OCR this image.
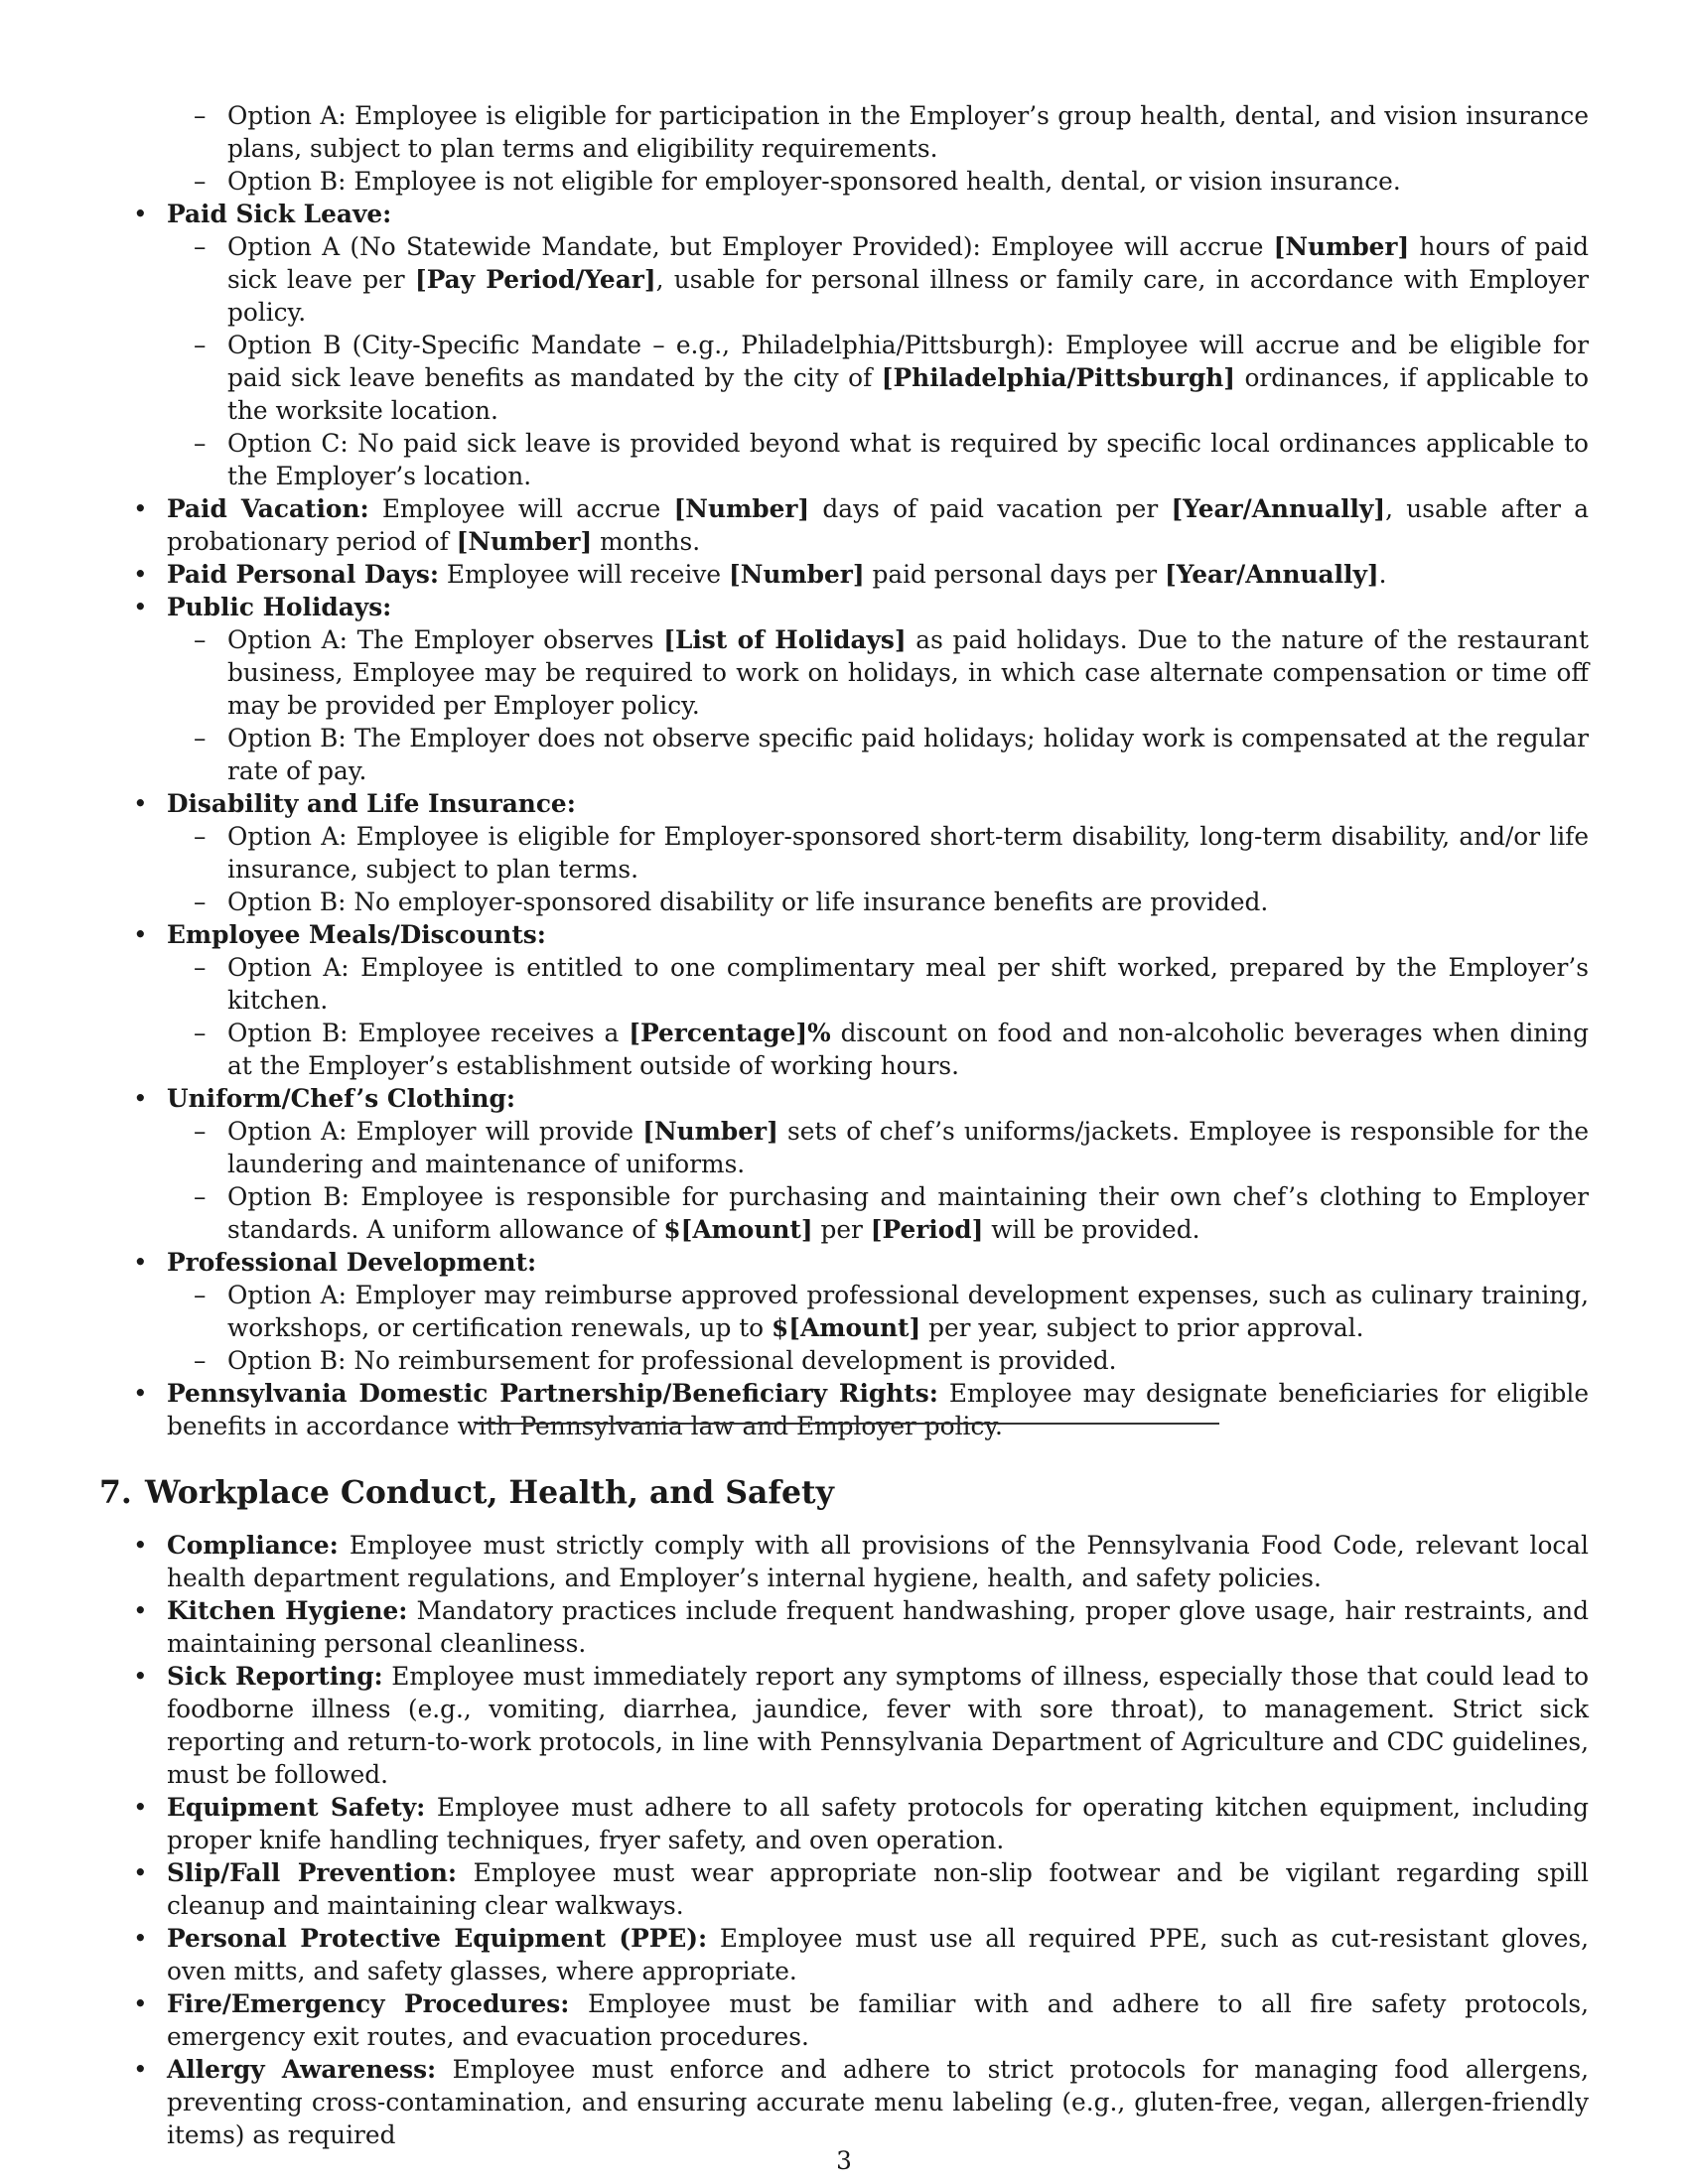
– Option A: Employee is eligible for participation in the Employer’s group health, dental, and vision insurance plans, subject to plan terms and eligibility requirements.
– Option B: Employee is not eligible for employer-sponsored health, dental, or vision insurance.
• Paid Sick Leave:
– Option A (No Statewide Mandate, but Employer Provided): Employee will accrue [Number] hours of paid sick leave per [Pay Period/Year], usable for personal illness or family care, in accordance with Employer policy.
– Option B (City-Specific Mandate – e.g., Philadelphia/Pittsburgh): Employee will accrue and be eligible for paid sick leave benefits as mandated by the city of [Philadelphia/Pittsburgh] ordinances, if applicable to the worksite location.
– Option C: No paid sick leave is provided beyond what is required by specific local ordinances applicable to the Employer’s location.
• Paid Vacation: Employee will accrue [Number] days of paid vacation per [Year/Annually], usable after a probationary period of [Number] months.
• Paid Personal Days: Employee will receive [Number] paid personal days per [Year/Annually].
• Public Holidays:
– Option A: The Employer observes [List of Holidays] as paid holidays. Due to the nature of the restaurant business, Employee may be required to work on holidays, in which case alternate compensation or time off may be provided per Employer policy.
– Option B: The Employer does not observe specific paid holidays; holiday work is compensated at the regular rate of pay.
• Disability and Life Insurance:
– Option A: Employee is eligible for Employer-sponsored short-term disability, long-term disability, and/or life insurance, subject to plan terms.
– Option B: No employer-sponsored disability or life insurance benefits are provided.
• Employee Meals/Discounts:
– Option A: Employee is entitled to one complimentary meal per shift worked, prepared by the Employer’s kitchen.
– Option B: Employee receives a [Percentage]% discount on food and non-alcoholic beverages when dining at the Employer’s establishment outside of working hours.
• Uniform/Chef’s Clothing:
– Option A: Employer will provide [Number] sets of chef’s uniforms/jackets. Employee is responsible for the laundering and maintenance of uniforms.
– Option B: Employee is responsible for purchasing and maintaining their own chef’s clothing to Employer standards. A uniform allowance of $[Amount] per [Period] will be provided.
• Professional Development:
– Option A: Employer may reimburse approved professional development expenses, such as culinary training, workshops, or certification renewals, up to $[Amount] per year, subject to prior approval.
– Option B: No reimbursement for professional development is provided.
• Pennsylvania Domestic Partnership/Beneficiary Rights: Employee may designate beneficiaries for eligible benefits in accordance with Pennsylvania law and Employer policy.
7. Workplace Conduct, Health, and Safety
• Compliance: Employee must strictly comply with all provisions of the Pennsylvania Food Code, relevant local health department regulations, and Employer’s internal hygiene, health, and safety policies.
• Kitchen Hygiene: Mandatory practices include frequent handwashing, proper glove usage, hair restraints, and maintaining personal cleanliness.
• Sick Reporting: Employee must immediately report any symptoms of illness, especially those that could lead to foodborne illness (e.g., vomiting, diarrhea, jaundice, fever with sore throat), to management. Strict sick reporting and return-to-work protocols, in line with Pennsylvania Department of Agriculture and CDC guidelines, must be followed.
• Equipment Safety: Employee must adhere to all safety protocols for operating kitchen equipment, including proper knife handling techniques, fryer safety, and oven operation.
• Slip/Fall Prevention: Employee must wear appropriate non-slip footwear and be vigilant regarding spill cleanup and maintaining clear walkways.
• Personal Protective Equipment (PPE): Employee must use all required PPE, such as cut-resistant gloves, oven mitts, and safety glasses, where appropriate.
• Fire/Emergency Procedures: Employee must be familiar with and adhere to all fire safety protocols, emergency exit routes, and evacuation procedures.
• Allergy Awareness: Employee must enforce and adhere to strict protocols for managing food allergens, preventing cross-contamination, and ensuring accurate menu labeling (e.g., gluten-free, vegan, allergen-friendly items) as required
3
